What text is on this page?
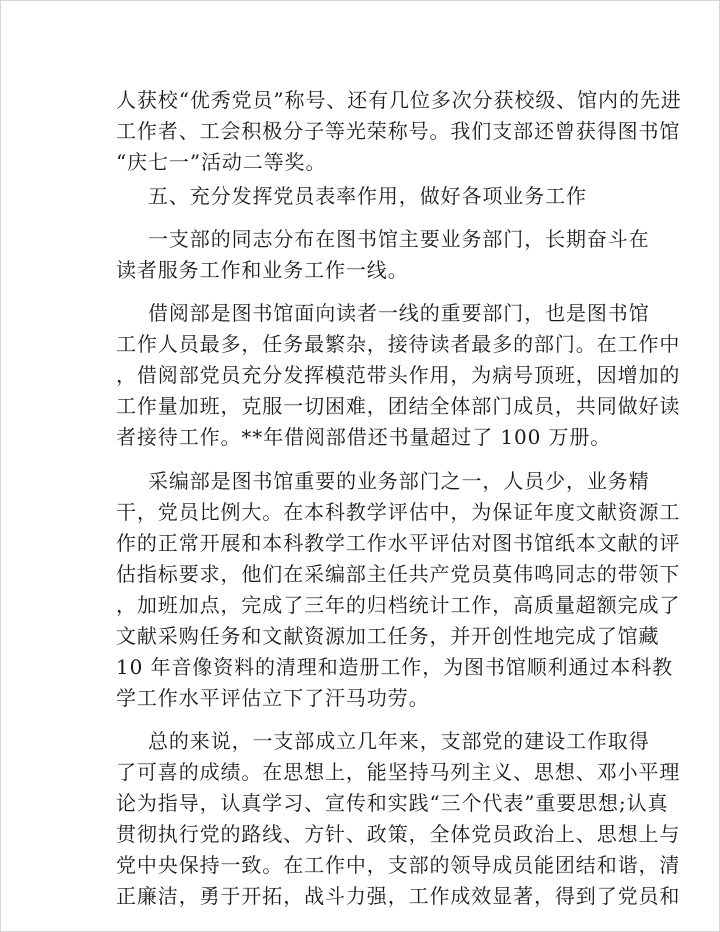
人获校“优秀党员”称号、还有几位多次分获校级、馆内的先进
工作者、工会积极分子等光荣称号。我们支部还曾获得图书馆
“庆七一”活动二等奖。
五、充分发挥党员表率作用，做好各项业务工作
一支部的同志分布在图书馆主要业务部门，长期奋斗在
读者服务工作和业务工作一线。
借阅部是图书馆面向读者一线的重要部门，也是图书馆
工作人员最多，任务最繁杂，接待读者最多的部门。在工作中
，借阅部党员充分发挥模范带头作用，为病号顶班，因增加的
工作量加班，克服一切困难，团结全体部门成员，共同做好读
者接待工作。**年借阅部借还书量超过了 100 万册。
采编部是图书馆重要的业务部门之一，人员少，业务精
干，党员比例大。在本科教学评估中，为保证年度文献资源工
作的正常开展和本科教学工作水平评估对图书馆纸本文献的评
估指标要求，他们在采编部主任共产党员莫伟鸣同志的带领下
，加班加点，完成了三年的归档统计工作，高质量超额完成了
文献采购任务和文献资源加工任务，并开创性地完成了馆藏
10 年音像资料的清理和造册工作，为图书馆顺利通过本科教
学工作水平评估立下了汗马功劳。
总的来说，一支部成立几年来，支部党的建设工作取得
了可喜的成绩。在思想上，能坚持马列主义、思想、邓小平理
论为指导，认真学习、宣传和实践“三个代表”重要思想;认真
贯彻执行党的路线、方针、政策，全体党员政治上、思想上与
党中央保持一致。在工作中，支部的领导成员能团结和谐，清
正廉洁，勇于开拓，战斗力强，工作成效显著，得到了党员和
